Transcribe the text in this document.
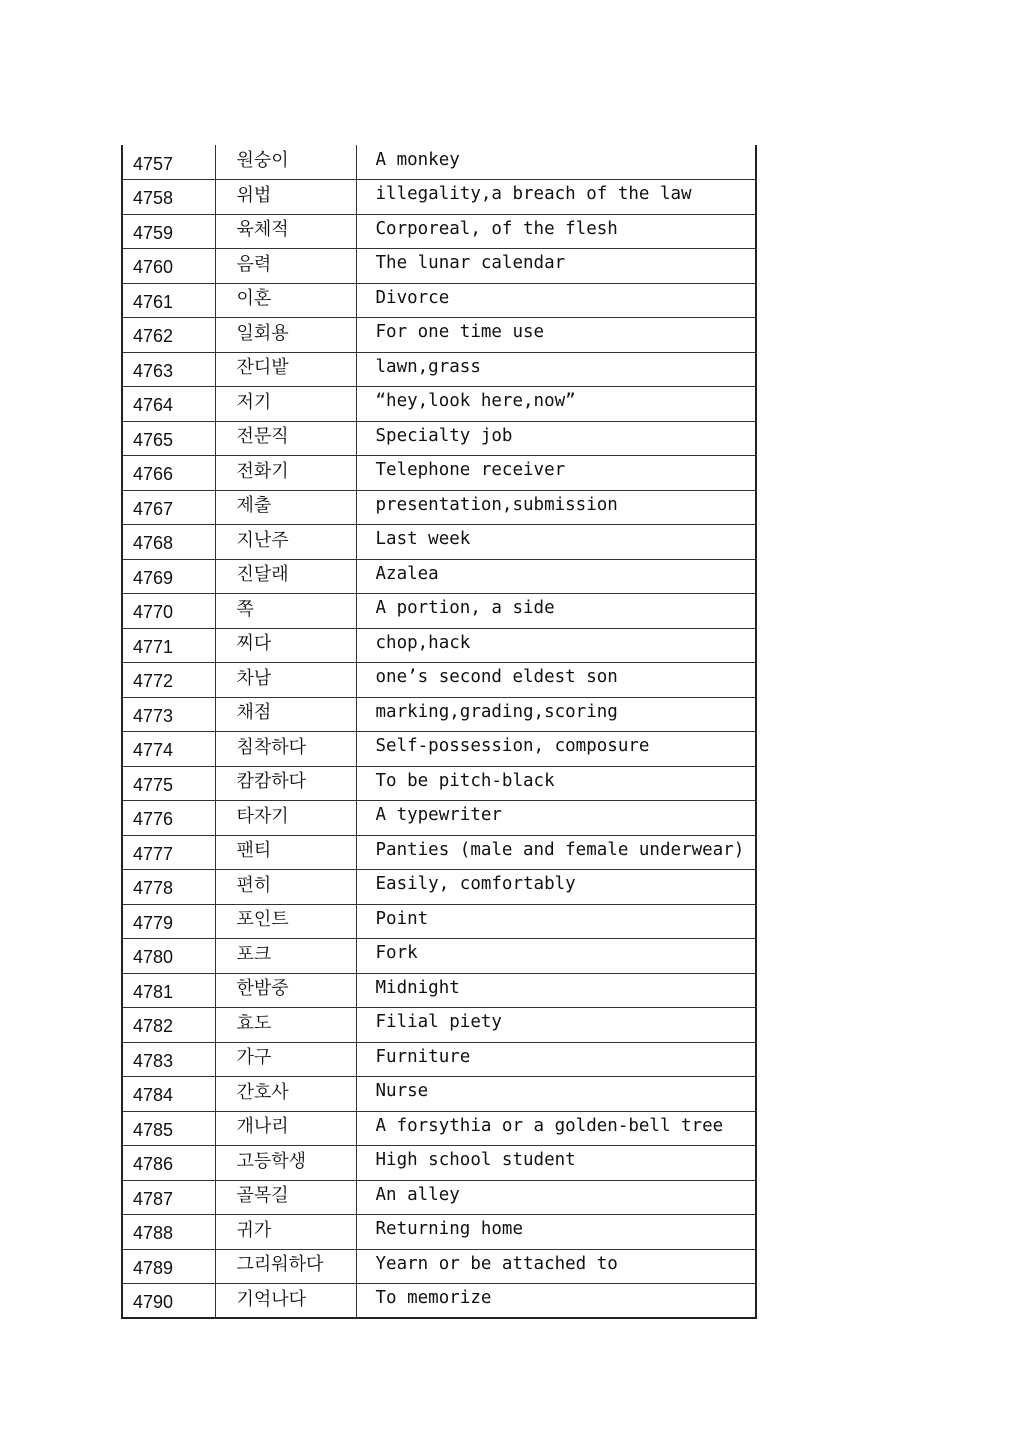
4757	원숭이	A monkey
4758	위법	illegality,a breach of the law
4759	육체적	Corporeal, of the flesh
4760	음력	The lunar calendar
4761	이혼	Divorce
4762	일회용	For one time use
4763	잔디밭	lawn,grass
4764	저기	“hey,look here,now”
4765	전문직	Specialty job
4766	전화기	Telephone receiver
4767	제출	presentation,submission
4768	지난주	Last week
4769	진달래	Azalea
4770	쪽	A portion, a side
4771	찌다	chop,hack
4772	차남	one’s second eldest son
4773	채점	marking,grading,scoring
4774	침착하다	Self-possession, composure
4775	캄캄하다	To be pitch-black
4776	타자기	A typewriter
4777	팬티	Panties (male and female underwear)
4778	편히	Easily, comfortably
4779	포인트	Point
4780	포크	Fork
4781	한밤중	Midnight
4782	효도	Filial piety
4783	가구	Furniture
4784	간호사	Nurse
4785	개나리	A forsythia or a golden-bell tree
4786	고등학생	High school student
4787	골목길	An alley
4788	귀가	Returning home
4789	그리워하다	Yearn or be attached to
4790	기억나다	To memorize
